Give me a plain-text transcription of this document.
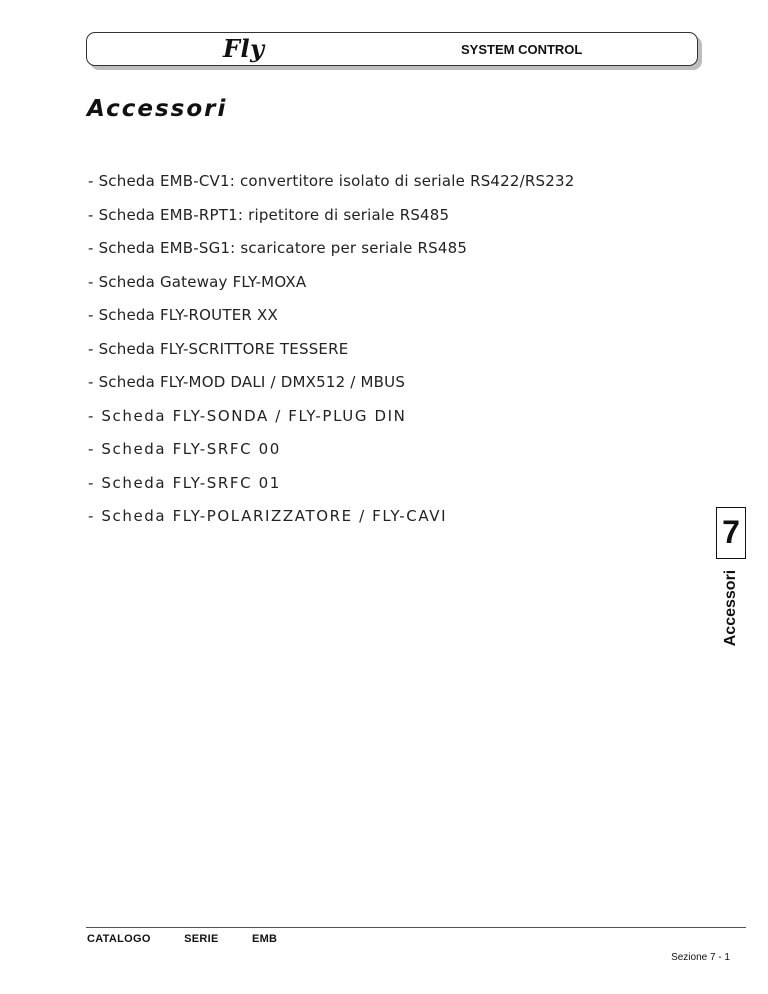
Fly	SYSTEM CONTROL
Accessori
- Scheda EMB-CV1: convertitore isolato di seriale RS422/RS232
- Scheda EMB-RPT1: ripetitore di seriale RS485
- Scheda EMB-SG1: scaricatore per seriale RS485
- Scheda Gateway FLY-MOXA
- Scheda FLY-ROUTER XX
- Scheda FLY-SCRITTORE TESSERE
- Scheda FLY-MOD DALI / DMX512 / MBUS
- Scheda FLY-SONDA / FLY-PLUG DIN
- Scheda FLY-SRFC 00
- Scheda FLY-SRFC 01
- Scheda FLY-POLARIZZATORE / FLY-CAVI	7
Accessori
CATALOGO	SERIE	EMB
Sezione 7 - 1
